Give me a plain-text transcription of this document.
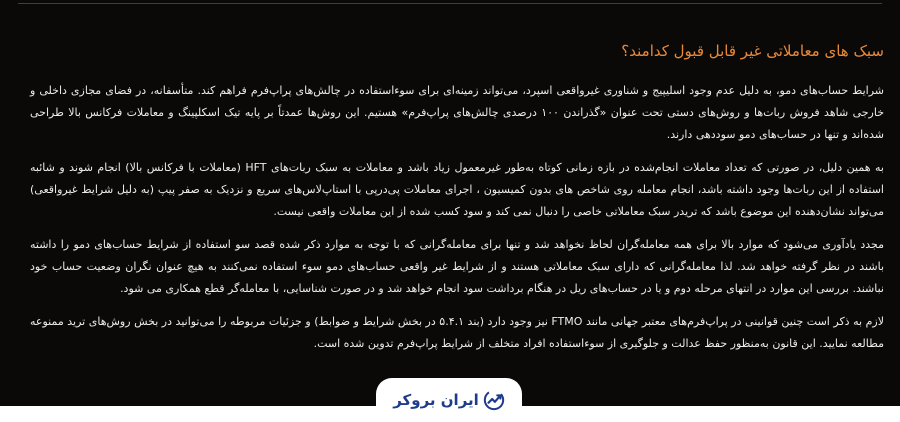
سبک های معاملاتی غیر قابل قبول کدامند؟

شرایط حساب‌های دمو، به دلیل عدم وجود اسلیپیج و شناوری غیرواقعی اسپرد، می‌تواند زمینه‌ای برای سوءاستفاده در چالش‌های پراپ‌فرم فراهم کند. متأسفانه، در فضای مجازی داخلی و خارجی شاهد فروش ربات‌ها و روش‌های دستی تحت عنوان «گذراندن ۱۰۰ درصدی چالش‌های پراپ‌فرم» هستیم. این روش‌ها عمدتاً بر پایه تیک اسکلپینگ و معاملات فرکانس بالا طراحی شده‌اند و تنها در حساب‌های دمو سوددهی دارند.

به همین دلیل، در صورتی که تعداد معاملات انجام‌شده در بازه زمانی کوتاه به‌طور غیرمعمول زیاد باشد و معاملات به سبک ربات‌های HFT (معاملات با فرکانس بالا) انجام شوند و شائبه استفاده از این ربات‌ها وجود داشته باشد، انجام معامله روی شاخص های بدون کمیسیون ، اجرای معاملات پی‌درپی با استاپ‌لاس‌های سریع و نزدیک به صفر پیپ (به دلیل شرایط غیرواقعی) می‌تواند نشان‌دهنده این موضوع باشد که تریدر سبک معاملاتی خاصی را دنبال نمی کند و سود کسب شده از این معاملات واقعی نیست.

مجدد یادآوری می‌شود که موارد بالا برای همه معامله‌گران لحاظ نخواهد شد و تنها برای معامله‌گرانی که با توجه به موارد ذکر شده قصد سو استفاده از شرایط حساب‌های دمو را داشته باشند در نظر گرفته خواهد شد. لذا معامله‌گرانی که دارای سبک معاملاتی هستند و از شرایط غیر واقعی حساب‌های دمو سوء استفاده نمی‌کنند به هیچ عنوان نگران وضعیت حساب خود نباشند. بررسی این موارد در انتهای مرحله دوم و یا در حساب‌های ریل در هنگام برداشت سود انجام خواهد شد و در صورت شناسایی، با معامله‌گر قطع همکاری می شود.

لازم به ذکر است چنین قوانینی در پراپ‌فرم‌های معتبر جهانی مانند FTMO نیز وجود دارد (بند ۵.۴.۱ در بخش شرایط و ضوابط) و جزئیات مربوطه را می‌توانید در بخش روش‌های ترید ممنوعه مطالعه نمایید. این قانون به‌منظور حفظ عدالت و جلوگیری از سوءاستفاده افراد متخلف از شرایط پراپ‌فرم تدوین شده است.

ایران بروکر
